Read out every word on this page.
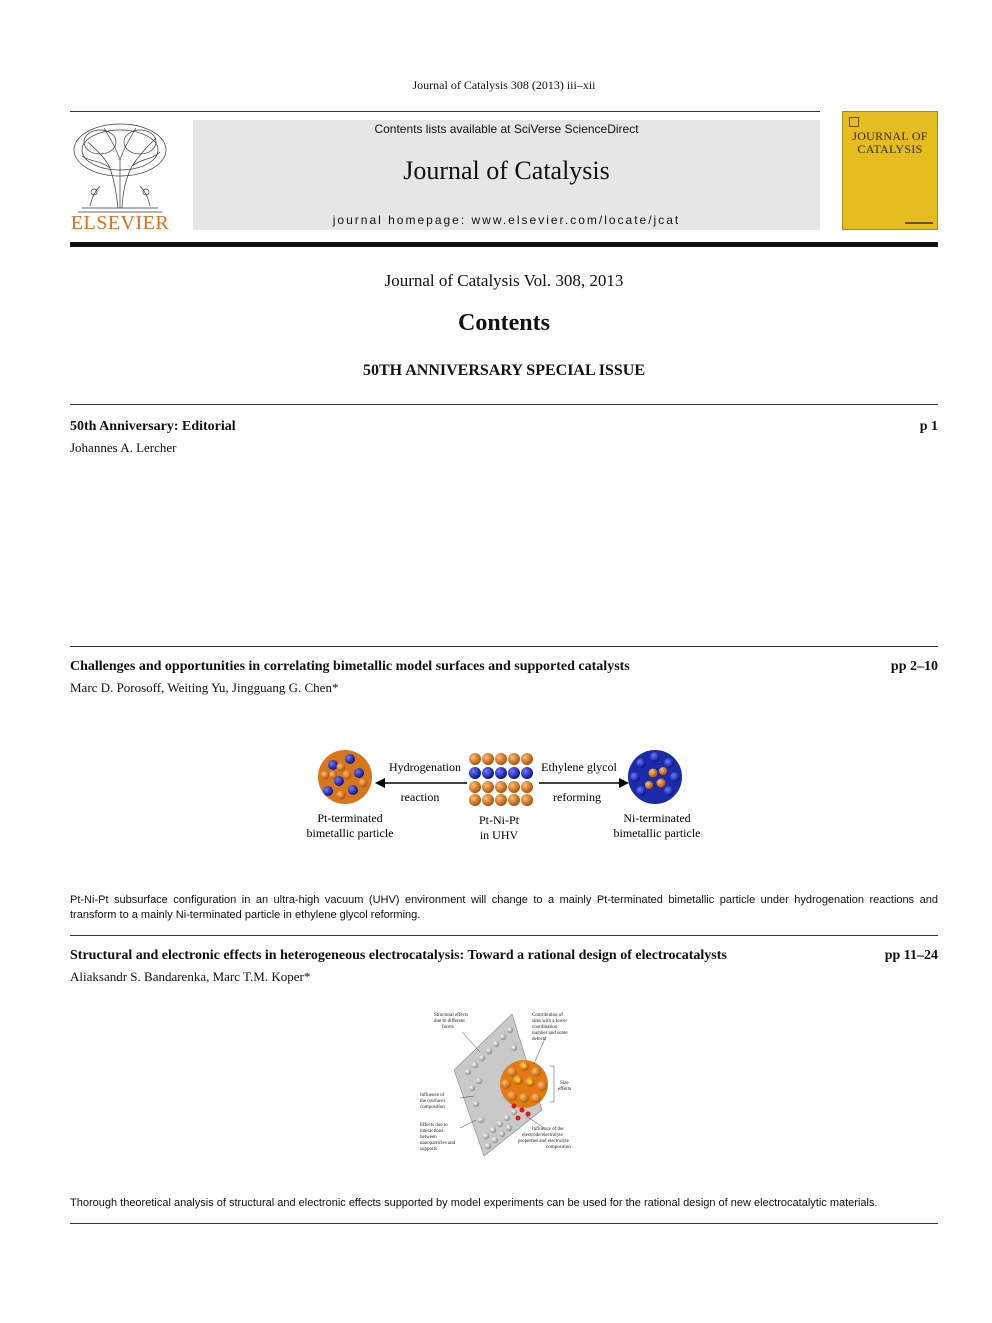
Journal of Catalysis 308 (2013) iii–xii
ELSEVIER
Contents lists available at SciVerse ScienceDirect
Journal of Catalysis
journal homepage: www.elsevier.com/locate/jcat
JOURNAL OF
CATALYSIS
Journal of Catalysis Vol. 308, 2013
Contents
50TH ANNIVERSARY SPECIAL ISSUE
50th Anniversary: Editorial	p 1
Johannes A. Lercher
Challenges and opportunities in correlating bimetallic model surfaces and supported catalysts	pp 2–10
Marc D. Porosoff, Weiting Yu, Jingguang G. Chen*
Hydrogenation
reaction
Ethylene glycol
reforming
Pt-terminated
bimetallic particle
Pt-Ni-Pt
in UHV
Ni-terminated
bimetallic particle
Pt-Ni-Pt subsurface configuration in an ultra-high vacuum (UHV) environment will change to a mainly Pt-terminated bimetallic particle under hydrogenation reactions and transform to a mainly Ni-terminated particle in ethylene glycol reforming.
Structural and electronic effects in heterogeneous electrocatalysis: Toward a rational design of electrocatalysts	pp 11–24
Aliaksandr S. Bandarenka, Marc T.M. Koper*
Structural effects
due to different
facets
Contribution of
sites with a lower
coordination
number and some
defects
Size
effects
Influence of
the (surface)
composition
Effects due to
interactions
between
nanoparticles and
supports
Influence of the
electrode/electrolyte
properties and electrolyte
composition
Thorough theoretical analysis of structural and electronic effects supported by model experiments can be used for the rational design of new electrocatalytic materials.
